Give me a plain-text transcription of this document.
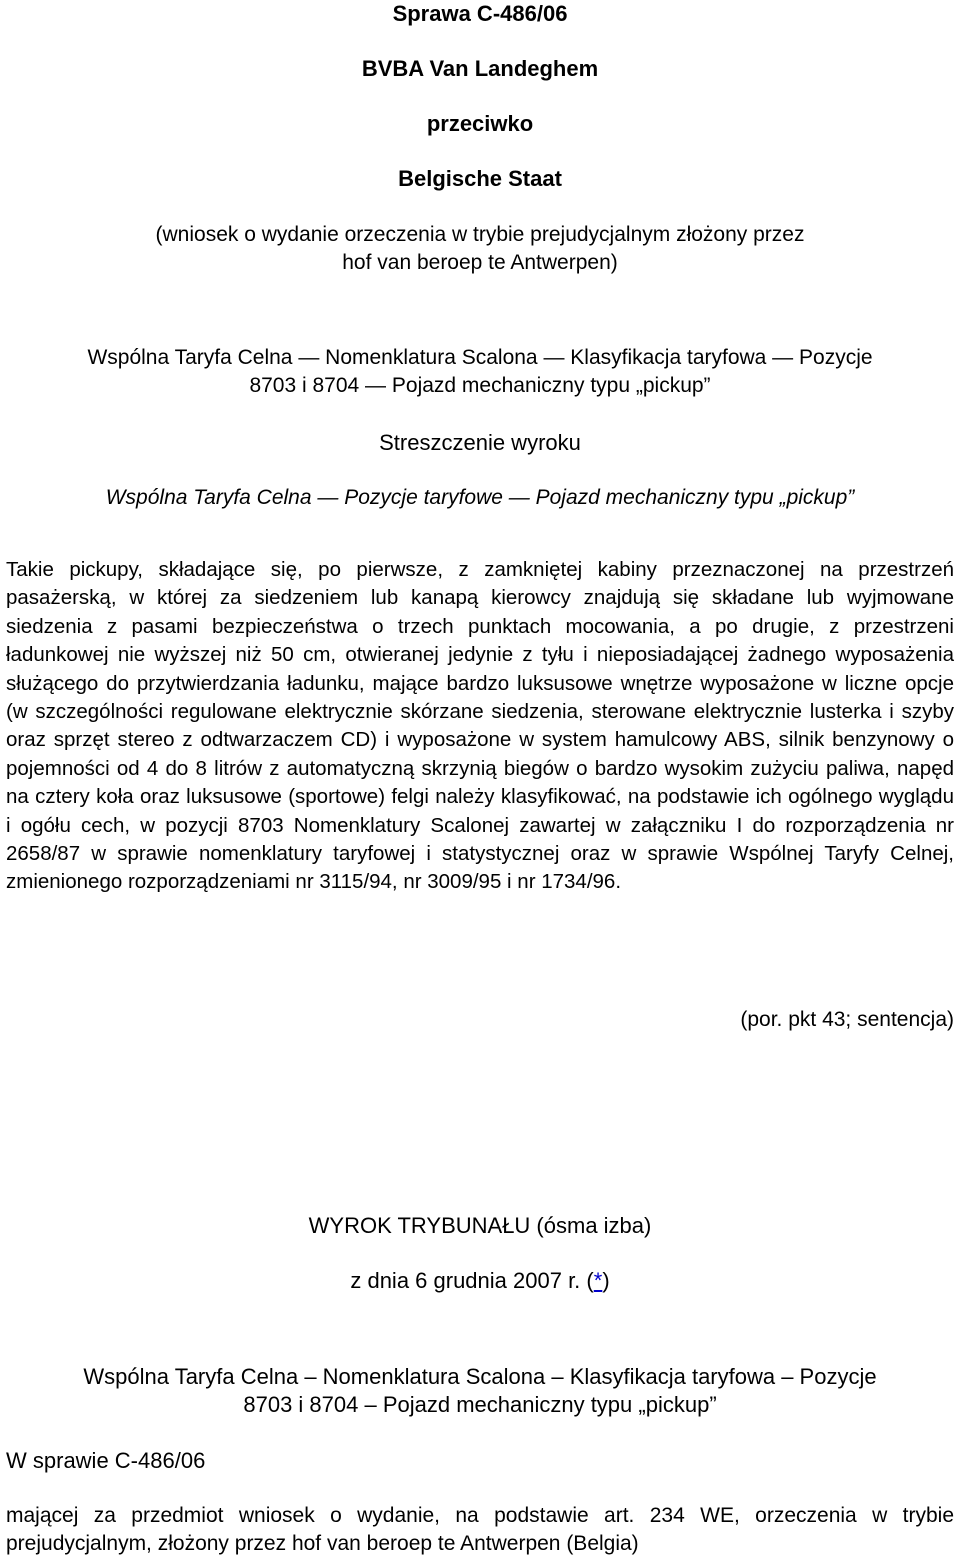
Sprawa C-486/06
BVBA Van Landeghem
przeciwko
Belgische Staat
(wniosek o wydanie orzeczenia w trybie prejudycjalnym złożony przez
hof van beroep te Antwerpen)
Wspólna Taryfa Celna — Nomenklatura Scalona — Klasyfikacja taryfowa — Pozycje
8703 i 8704 — Pojazd mechaniczny typu „pickup”
Streszczenie wyroku
Wspólna Taryfa Celna — Pozycje taryfowe — Pojazd mechaniczny typu „pickup”
Takie pickupy, składające się, po pierwsze, z zamkniętej kabiny przeznaczonej na przestrzeń pasażerską, w której za siedzeniem lub kanapą kierowcy znajdują się składane lub wyjmowane siedzenia z pasami bezpieczeństwa o trzech punktach mocowania, a po drugie, z przestrzeni ładunkowej nie wyższej niż 50 cm, otwieranej jedynie z tyłu i nieposiadającej żadnego wyposażenia służącego do przytwierdzania ładunku, mające bardzo luksusowe wnętrze wyposażone w liczne opcje (w szczególności regulowane elektrycznie skórzane siedzenia, sterowane elektrycznie lusterka i szyby oraz sprzęt stereo z odtwarzaczem CD) i wyposażone w system hamulcowy ABS, silnik benzynowy o pojemności od 4 do 8 litrów z automatyczną skrzynią biegów o bardzo wysokim zużyciu paliwa, napęd na cztery koła oraz luksusowe (sportowe) felgi należy klasyfikować, na podstawie ich ogólnego wyglądu i ogółu cech, w pozycji 8703 Nomenklatury Scalonej zawartej w załączniku I do rozporządzenia nr 2658/87 w sprawie nomenklatury taryfowej i statystycznej oraz w sprawie Wspólnej Taryfy Celnej, zmienionego rozporządzeniami nr 3115/94, nr 3009/95 i nr 1734/96.
(por. pkt 43; sentencja)
WYROK TRYBUNAŁU (ósma izba)
z dnia 6 grudnia 2007 r. (*)
Wspólna Taryfa Celna – Nomenklatura Scalona – Klasyfikacja taryfowa – Pozycje
8703 i 8704 – Pojazd mechaniczny typu „pickup”
W sprawie C-486/06
mającej za przedmiot wniosek o wydanie, na podstawie art. 234 WE, orzeczenia w trybie prejudycjalnym, złożony przez hof van beroep te Antwerpen (Belgia)
